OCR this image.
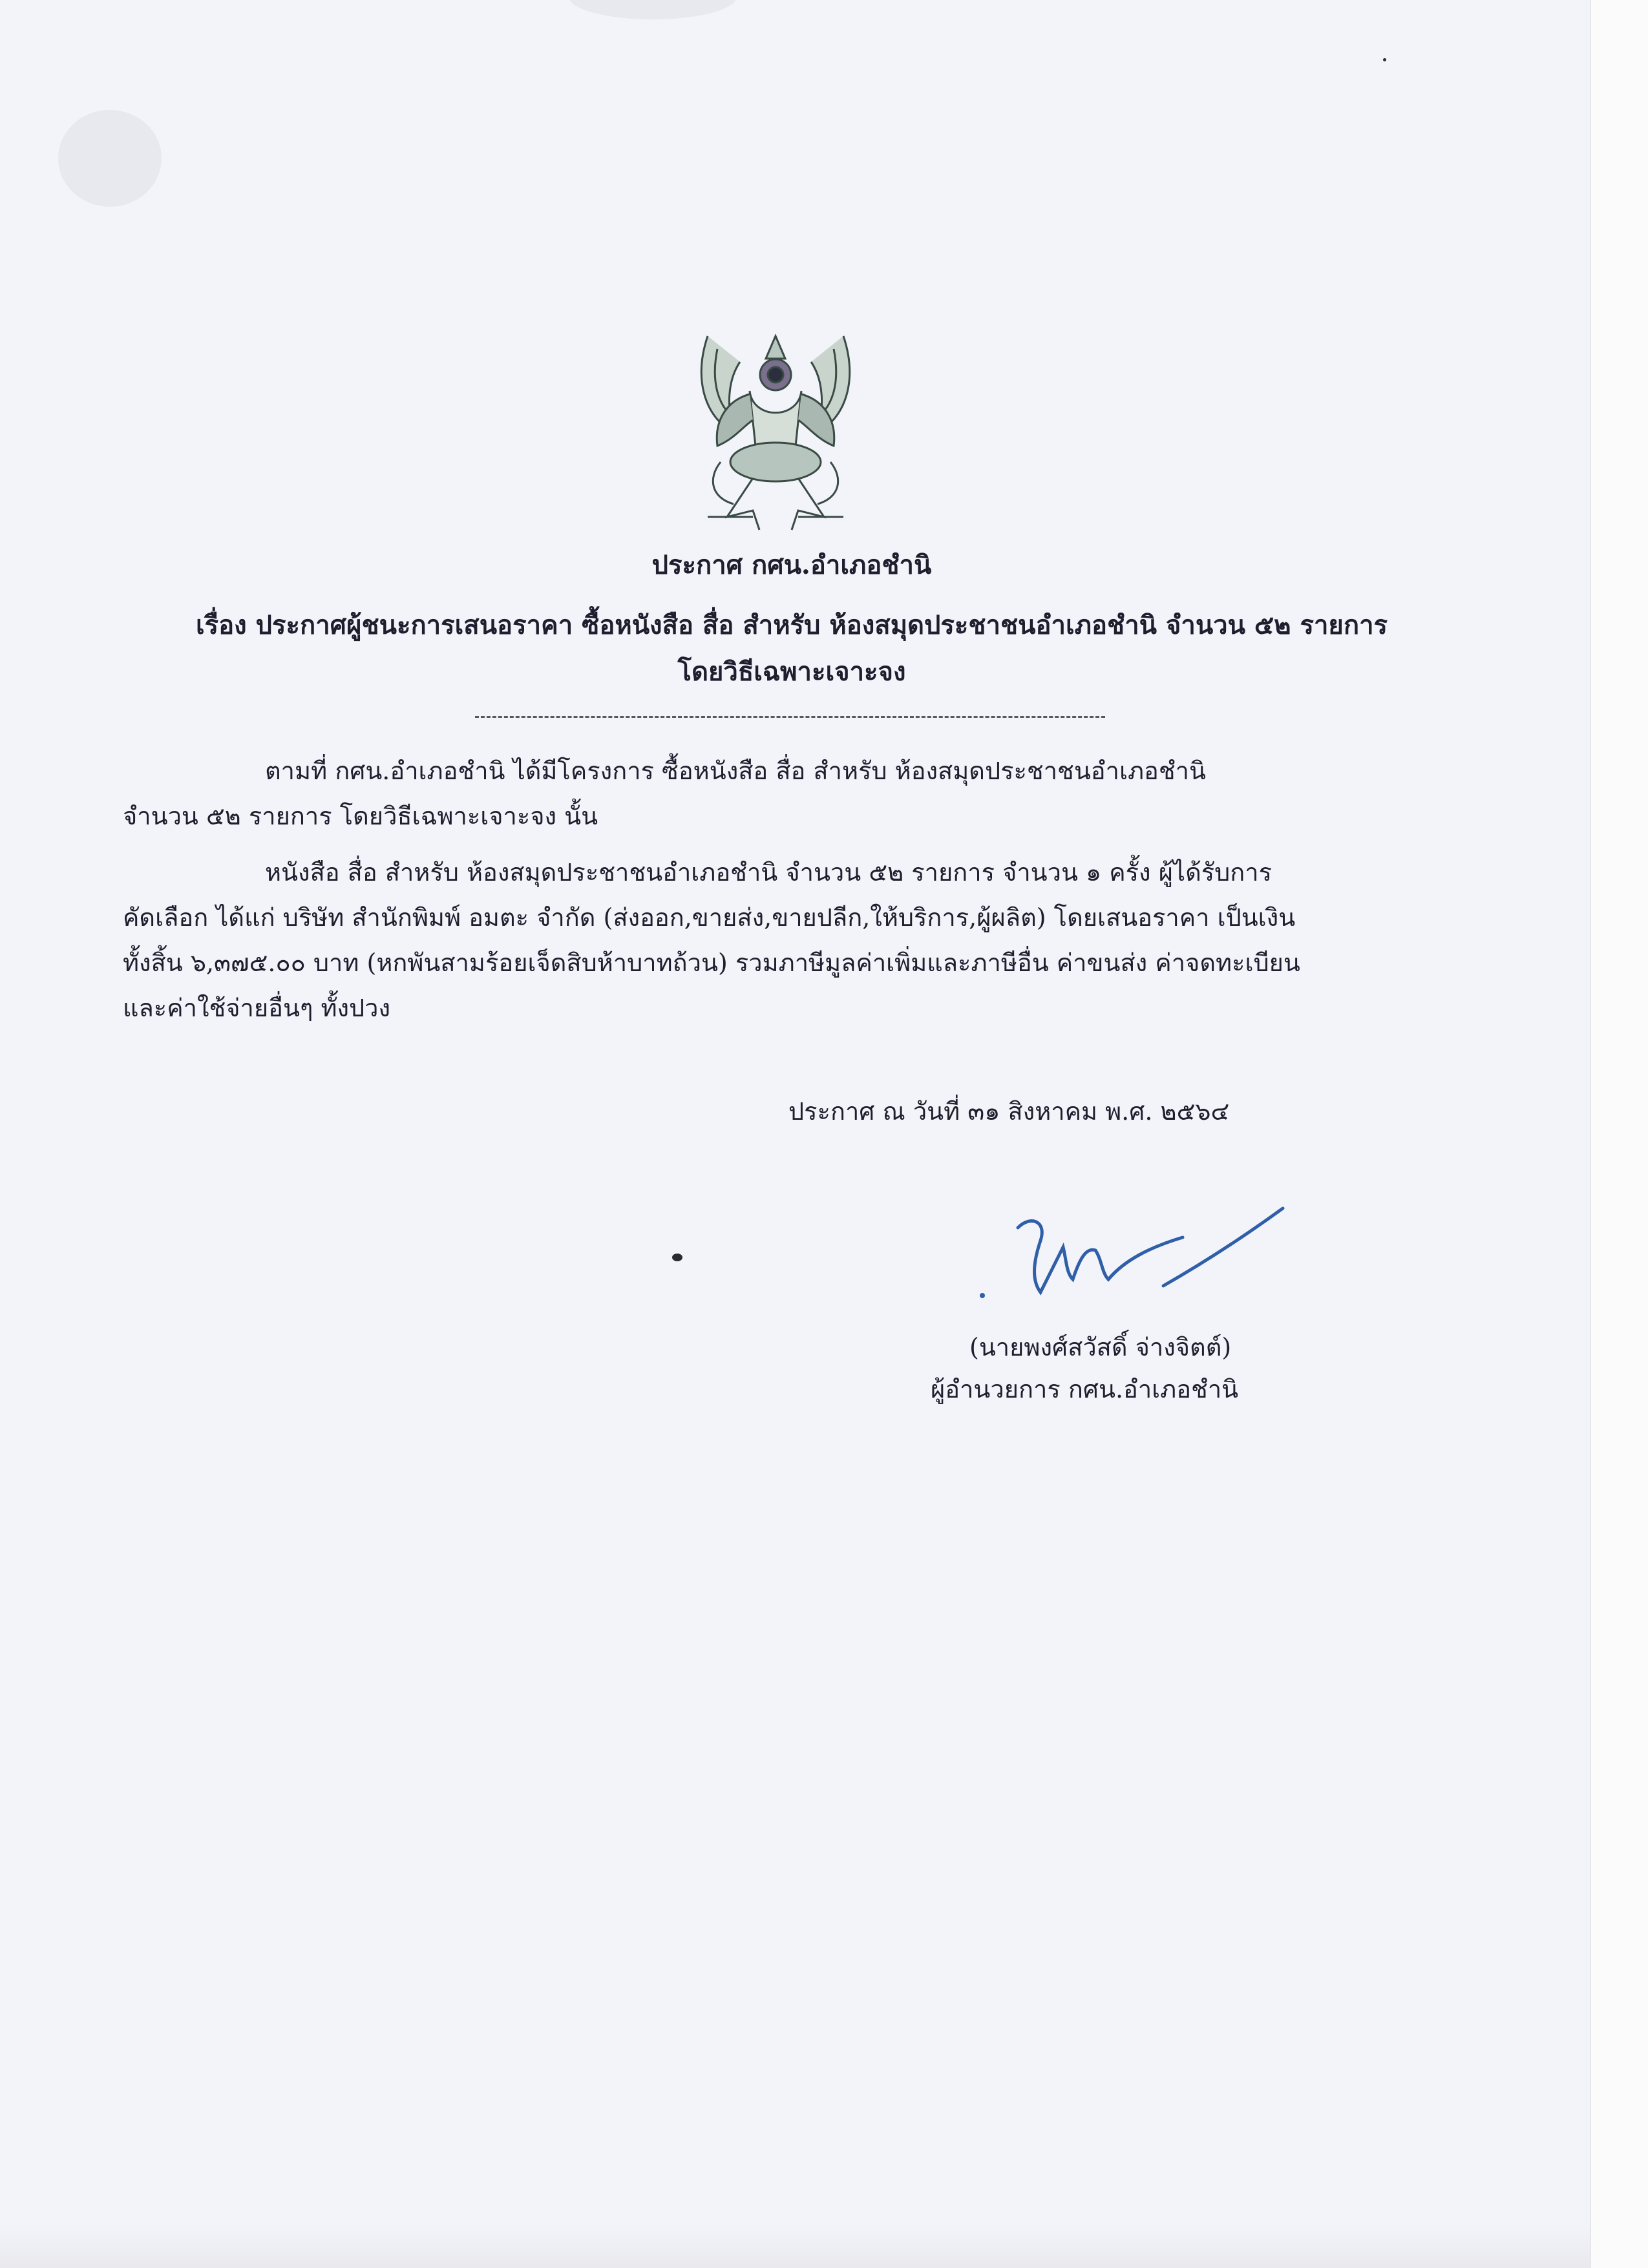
ประกาศ กศน.อำเภอชำนิ
เรื่อง ประกาศผู้ชนะการเสนอราคา ซื้อหนังสือ สื่อ สำหรับ ห้องสมุดประชาชนอำเภอชำนิ จำนวน ๕๒ รายการ
โดยวิธีเฉพาะเจาะจง
ตามที่ กศน.อำเภอชำนิ ได้มีโครงการ ซื้อหนังสือ สื่อ สำหรับ ห้องสมุดประชาชนอำเภอชำนิ
จำนวน ๕๒ รายการ โดยวิธีเฉพาะเจาะจง นั้น
หนังสือ สื่อ สำหรับ ห้องสมุดประชาชนอำเภอชำนิ จำนวน ๕๒ รายการ จำนวน ๑ ครั้ง ผู้ได้รับการ
คัดเลือก ได้แก่ บริษัท สำนักพิมพ์ อมตะ จำกัด (ส่งออก,ขายส่ง,ขายปลีก,ให้บริการ,ผู้ผลิต) โดยเสนอราคา เป็นเงิน
ทั้งสิ้น ๖,๓๗๕.๐๐ บาท (หกพันสามร้อยเจ็ดสิบห้าบาทถ้วน) รวมภาษีมูลค่าเพิ่มและภาษีอื่น ค่าขนส่ง ค่าจดทะเบียน
และค่าใช้จ่ายอื่นๆ ทั้งปวง
ประกาศ ณ วันที่ ๓๑ สิงหาคม พ.ศ. ๒๕๖๔
(นายพงศ์สวัสดิ์ จ่างจิตต์)
ผู้อำนวยการ กศน.อำเภอชำนิ
